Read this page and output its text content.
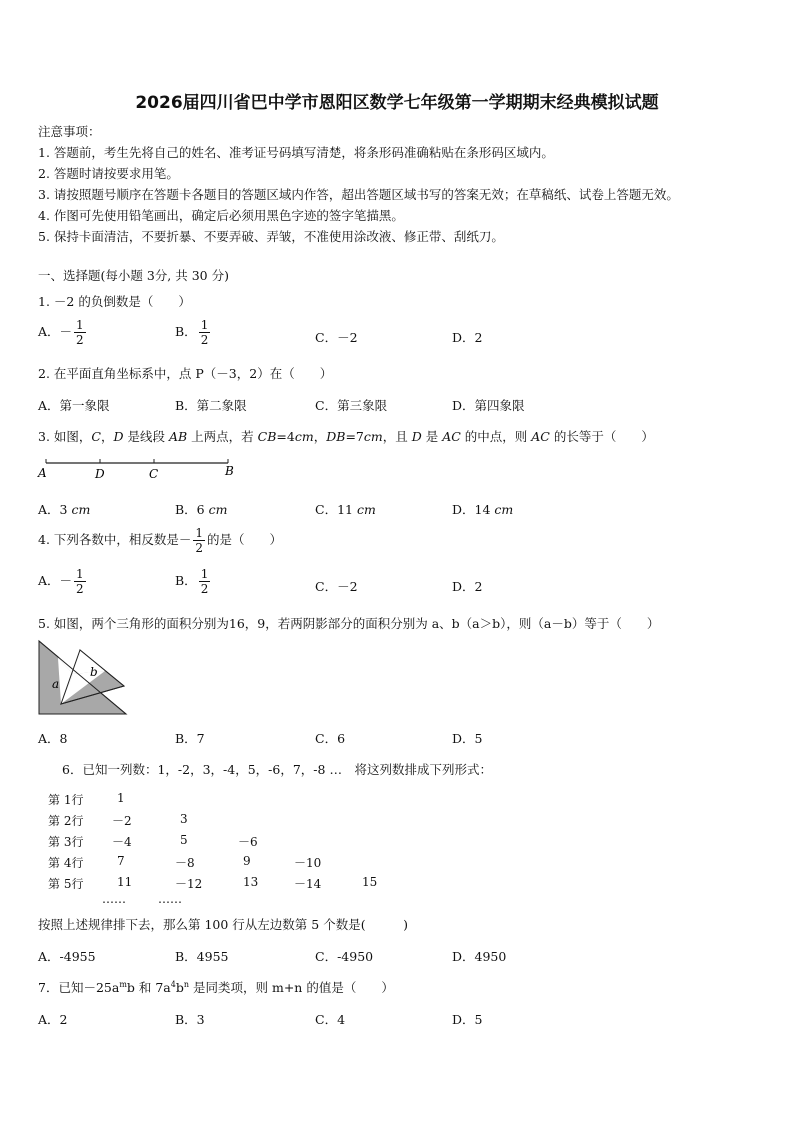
2026届四川省巴中学市恩阳区数学七年级第一学期期末经典模拟试题
注意事项：
1. 答题前，考生先将自己的姓名、准考证号码填写清楚，将条形码准确粘贴在条形码区域内。
2. 答题时请按要求用笔。
3. 请按照题号顺序在答题卡各题目的答题区域内作答，超出答题区域书写的答案无效；在草稿纸、试卷上答题无效。
4. 作图可先使用铅笔画出，确定后必须用黑色字迹的签字笔描黑。
5. 保持卡面清洁，不要折暴、不要弄破、弄皱，不准使用涂改液、修正带、刮纸刀。
一、选择题(每小题 3分, 共 30 分)
1. －2 的负倒数是（　　）
A．－ $\frac{1}{2}$	B． $\frac{1}{2}$	C．－2	D．2
2. 在平面直角坐标系中，点 P（－3，2）在（　　）
A．第一象限	B．第二象限	C．第三象限	D．第四象限
3. 如图，C，D 是线段 AB 上两点，若 CB=4cm，DB=7cm，且 D 是 AC 的中点，则 AC 的长等于（　　）
A	D	C	B
A．3 cm	B．6 cm	C．11 cm	D．14 cm
4. 下列各数中，相反数是－ $\frac{1}{2}$ 的是（　　）
A．－ $\frac{1}{2}$	B． $\frac{1}{2}$	C．－2	D．2
5. 如图，两个三角形的面积分别为16，9，若两阴影部分的面积分别为 a、b（a＞b），则（a－b）等于（　　）
a
b
A．8	B．7	C．6	D．5
6．已知一列数：1，-2，3，-4，5，-6，7，-8 …　将这列数排成下列形式：
第 1行	1
第 2行 －2	3
第 3行 －4	5	－6
第 4行	7	－8	9	－10
第 5行	11	－12	13	－14	15
……	……
按照上述规律排下去，那么第 100 行从左边数第 5 个数是(　　　)
A．-4955	B．4955	C．-4950	D．4950
7．已知$-25a^mb$ 和 $7a^4b^n$ 是同类项，则 m+n 的值是（　　）
A．2	B．3	C．4	D．5
